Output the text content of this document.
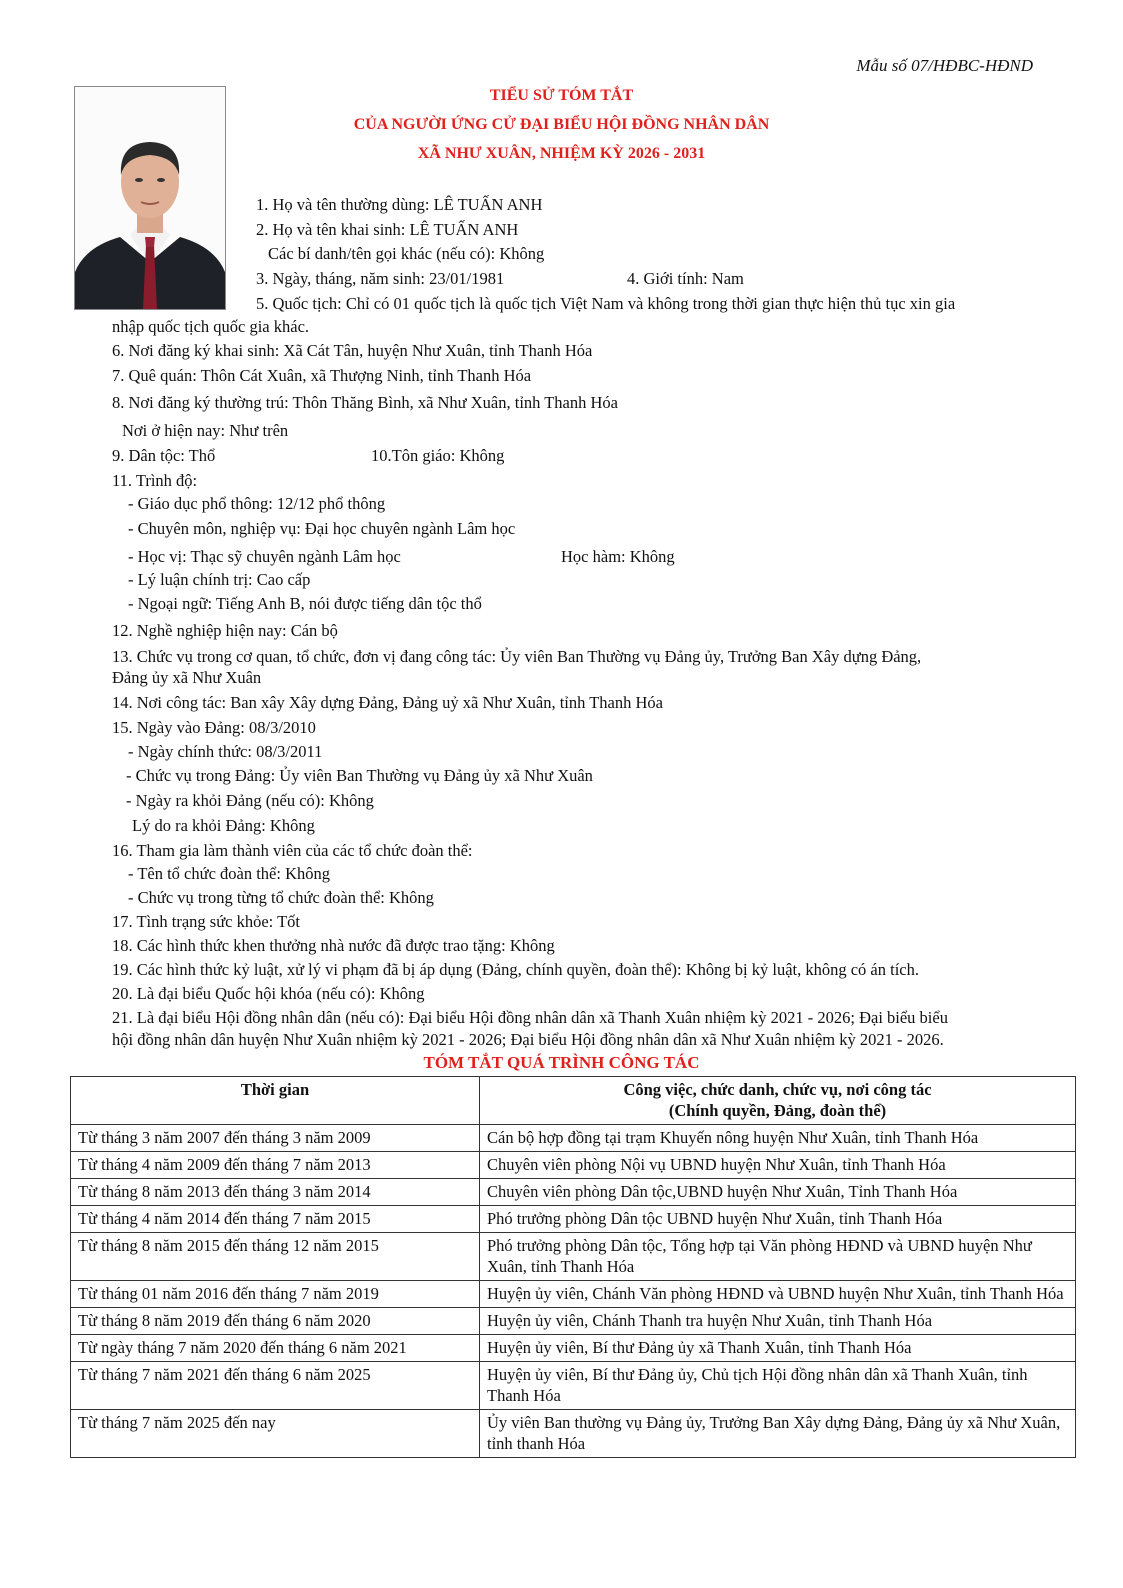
Mẫu số 07/HĐBC-HĐND
TIỂU SỬ TÓM TẮT
CỦA NGƯỜI ỨNG CỬ ĐẠI BIỂU HỘI ĐỒNG NHÂN DÂN
XÃ NHƯ XUÂN, NHIỆM KỲ 2026 - 2031
1. Họ và tên thường dùng: LÊ TUẤN ANH
2. Họ và tên khai sinh: LÊ TUẤN ANH
Các bí danh/tên gọi khác (nếu có): Không
3. Ngày, tháng, năm sinh: 23/01/1981	4. Giới tính: Nam
5. Quốc tịch: Chỉ có 01 quốc tịch là quốc tịch Việt Nam và không trong thời gian thực hiện thủ tục xin gia
nhập quốc tịch quốc gia khác.
6. Nơi đăng ký khai sinh: Xã Cát Tân, huyện Như Xuân, tỉnh Thanh Hóa
7. Quê quán: Thôn Cát Xuân, xã Thượng Ninh, tỉnh Thanh Hóa
8. Nơi đăng ký thường trú: Thôn Thăng Bình, xã Như Xuân, tỉnh Thanh Hóa
Nơi ở hiện nay: Như trên
9. Dân tộc: Thổ	10.Tôn giáo: Không
11. Trình độ:
- Giáo dục phổ thông: 12/12 phổ thông
- Chuyên môn, nghiệp vụ: Đại học chuyên ngành Lâm học
- Học vị: Thạc sỹ chuyên ngành Lâm học	Học hàm: Không
- Lý luận chính trị: Cao cấp
- Ngoại ngữ: Tiếng Anh B, nói được tiếng dân tộc thổ
12. Nghề nghiệp hiện nay: Cán bộ
13. Chức vụ trong cơ quan, tổ chức, đơn vị đang công tác: Ủy viên Ban Thường vụ Đảng ủy, Trưởng Ban Xây dựng Đảng,
Đảng ủy xã Như Xuân
14. Nơi công tác: Ban xây Xây dựng Đảng, Đảng uỷ xã Như Xuân, tỉnh Thanh Hóa
15. Ngày vào Đảng: 08/3/2010
- Ngày chính thức: 08/3/2011
- Chức vụ trong Đảng: Ủy viên Ban Thường vụ Đảng ủy xã Như Xuân
- Ngày ra khỏi Đảng (nếu có): Không
Lý do ra khỏi Đảng: Không
16. Tham gia làm thành viên của các tổ chức đoàn thể:
- Tên tổ chức đoàn thể: Không
- Chức vụ trong từng tổ chức đoàn thể: Không
17. Tình trạng sức khỏe: Tốt
18. Các hình thức khen thưởng nhà nước đã được trao tặng: Không
19. Các hình thức kỷ luật, xử lý vi phạm đã bị áp dụng (Đảng, chính quyền, đoàn thể): Không bị kỷ luật, không có án tích.
20. Là đại biểu Quốc hội khóa (nếu có): Không
21. Là đại biểu Hội đồng nhân dân (nếu có): Đại biểu Hội đồng nhân dân xã Thanh Xuân nhiệm kỳ 2021 - 2026; Đại biểu biểu
hội đồng nhân dân huyện Như Xuân nhiệm kỳ 2021 - 2026; Đại biểu Hội đồng nhân dân xã Như Xuân nhiệm kỳ 2021 - 2026.
TÓM TẮT QUÁ TRÌNH CÔNG TÁC
Thời gian	Công việc, chức danh, chức vụ, nơi công tác
(Chính quyền, Đảng, đoàn thể)

Từ tháng 3 năm 2007 đến tháng 3 năm 2009	Cán bộ hợp đồng tại trạm Khuyến nông huyện Như Xuân, tỉnh Thanh Hóa
Từ tháng 4 năm 2009 đến tháng 7 năm 2013	Chuyên viên phòng Nội vụ UBND huyện Như Xuân, tỉnh Thanh Hóa
Từ tháng 8 năm 2013 đến tháng 3 năm 2014	Chuyên viên phòng Dân tộc,UBND huyện Như Xuân, Tỉnh Thanh Hóa
Từ tháng 4 năm 2014 đến tháng 7 năm 2015	Phó trưởng phòng Dân tộc UBND huyện Như Xuân, tỉnh Thanh Hóa
Từ tháng 8 năm 2015 đến tháng 12 năm 2015	Phó trưởng phòng Dân tộc, Tổng hợp tại Văn phòng HĐND và UBND huyện Như Xuân, tỉnh Thanh Hóa
Từ tháng 01 năm 2016 đến tháng 7 năm 2019	Huyện ủy viên, Chánh Văn phòng HĐND và UBND huyện Như Xuân, tỉnh Thanh Hóa
Từ tháng 8 năm 2019 đến tháng 6 năm 2020	Huyện ủy viên, Chánh Thanh tra huyện Như Xuân, tỉnh Thanh Hóa
Từ ngày tháng 7 năm 2020 đến tháng 6 năm 2021	Huyện ủy viên, Bí thư Đảng ủy xã Thanh Xuân, tỉnh Thanh Hóa
Từ tháng 7 năm 2021 đến tháng 6 năm 2025	Huyện ủy viên, Bí thư Đảng ủy, Chủ tịch Hội đồng nhân dân xã Thanh Xuân, tỉnh Thanh Hóa
Từ tháng 7 năm 2025 đến nay	Ủy viên Ban thường vụ Đảng ủy, Trưởng Ban Xây dựng Đảng, Đảng ủy xã Như Xuân, tỉnh thanh Hóa
